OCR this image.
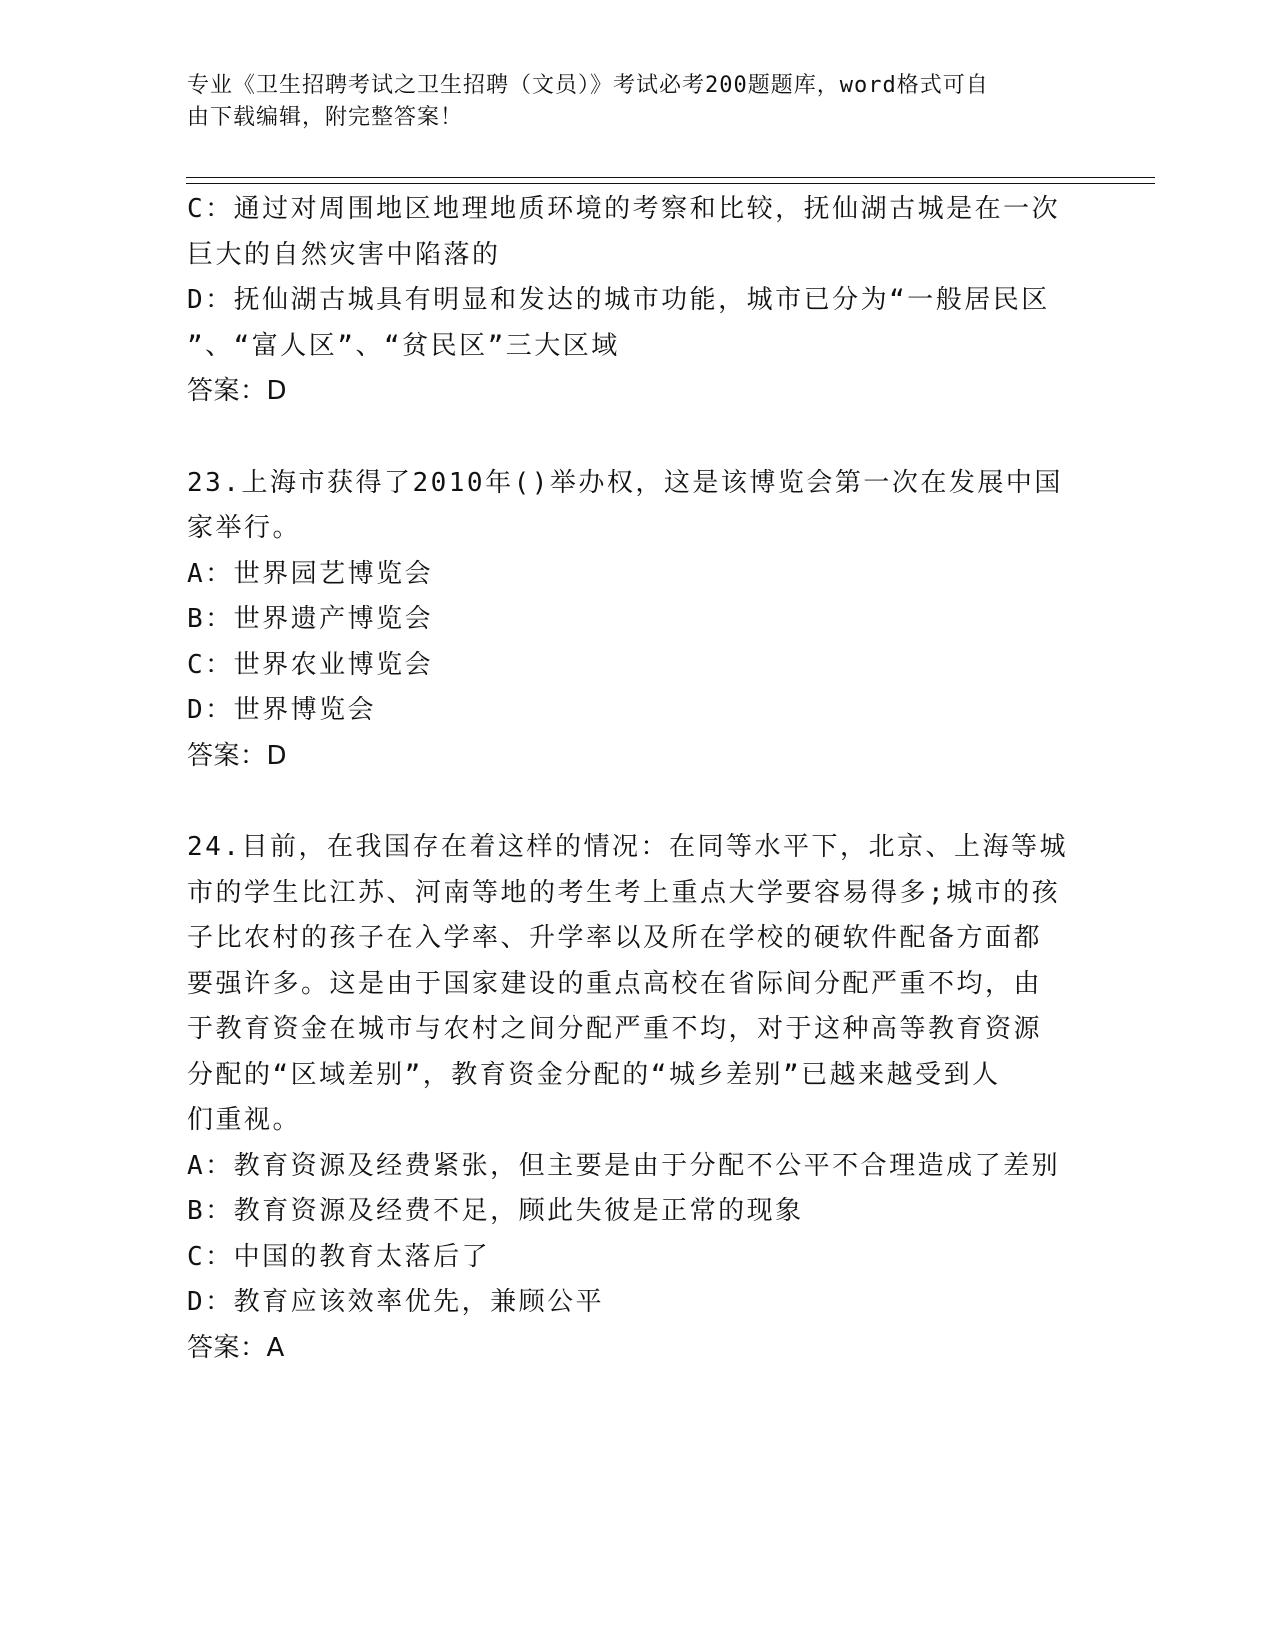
专业《卫生招聘考试之卫生招聘（文员）》考试必考200题题库，word格式可自
由下载编辑，附完整答案！
C：通过对周围地区地理地质环境的考察和比较，抚仙湖古城是在一次
巨大的自然灾害中陷落的
D：抚仙湖古城具有明显和发达的城市功能，城市已分为“一般居民区
”、“富人区”、“贫民区”三大区域
答案：D
23.上海市获得了2010年()举办权，这是该博览会第一次在发展中国
家举行。
A：世界园艺博览会
B：世界遗产博览会
C：世界农业博览会
D：世界博览会
答案：D
24.目前，在我国存在着这样的情况：在同等水平下，北京、上海等城
市的学生比江苏、河南等地的考生考上重点大学要容易得多;城市的孩
子比农村的孩子在入学率、升学率以及所在学校的硬软件配备方面都
要强许多。这是由于国家建设的重点高校在省际间分配严重不均，由
于教育资金在城市与农村之间分配严重不均，对于这种高等教育资源
分配的“区域差别”，教育资金分配的“城乡差别”已越来越受到人
们重视。
A：教育资源及经费紧张，但主要是由于分配不公平不合理造成了差别
B：教育资源及经费不足，顾此失彼是正常的现象
C：中国的教育太落后了
D：教育应该效率优先，兼顾公平
答案：A
